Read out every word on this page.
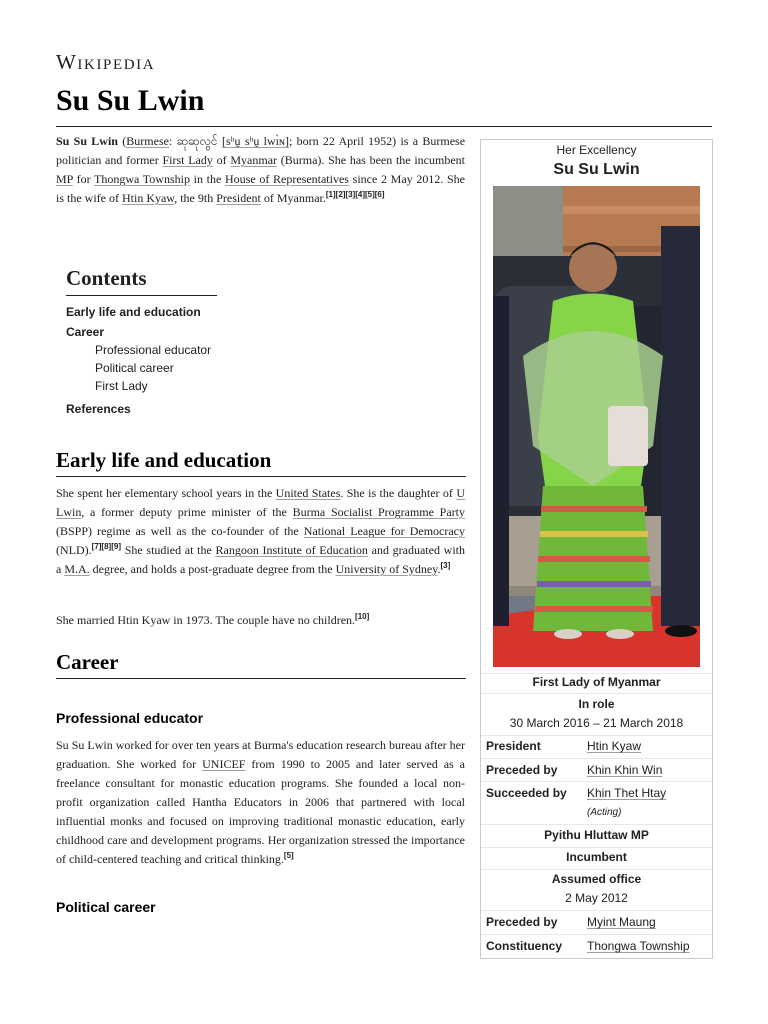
Wikipedia
Su Su Lwin

Su Su Lwin (Burmese: ဆုဆုလွင် [sʰṵ sʰṵ lwɪ̀ɴ]; born 22 April 1952) is a Burmese politician and former First Lady of Myanmar (Burma). She has been the incumbent MP for Thongwa Township in the House of Representatives since 2 May 2012. She is the wife of Htin Kyaw, the 9th President of Myanmar.[1][2][3][4][5][6]

Contents
Early life and education
Career
Professional educator
Political career
First Lady
References
Early life and education

She spent her elementary school years in the United States. She is the daughter of U Lwin, a former deputy prime minister of the Burma Socialist Programme Party (BSPP) regime as well as the co-founder of the National League for Democracy (NLD).[7][8][9] She studied at the Rangoon Institute of Education and graduated with a M.A. degree, and holds a post-graduate degree from the University of Sydney.[3]

She married Htin Kyaw in 1973. The couple have no children.[10]

Career
Professional educator

Su Su Lwin worked for over ten years at Burma's education research bureau after her graduation. She worked for UNICEF from 1990 to 2005 and later served as a freelance consultant for monastic education programs. She founded a local non-profit organization called Hantha Educators in 2006 that partnered with local influential monks and focused on improving traditional monastic education, early childhood care and development programs. Her organization stressed the importance of child-centered teaching and critical thinking.[5]

Political career
Her Excellency
Su Su Lwin
First Lady of Myanmar
In role
30 March 2016 – 21 March 2018
President	Htin Kyaw
Preceded by Khin Khin Win
Succeeded by Khin Thet Htay
(Acting)
Pyithu Hluttaw MP
Incumbent
Assumed office
2 May 2012
Preceded by Myint Maung
Constituency Thongwa Township
